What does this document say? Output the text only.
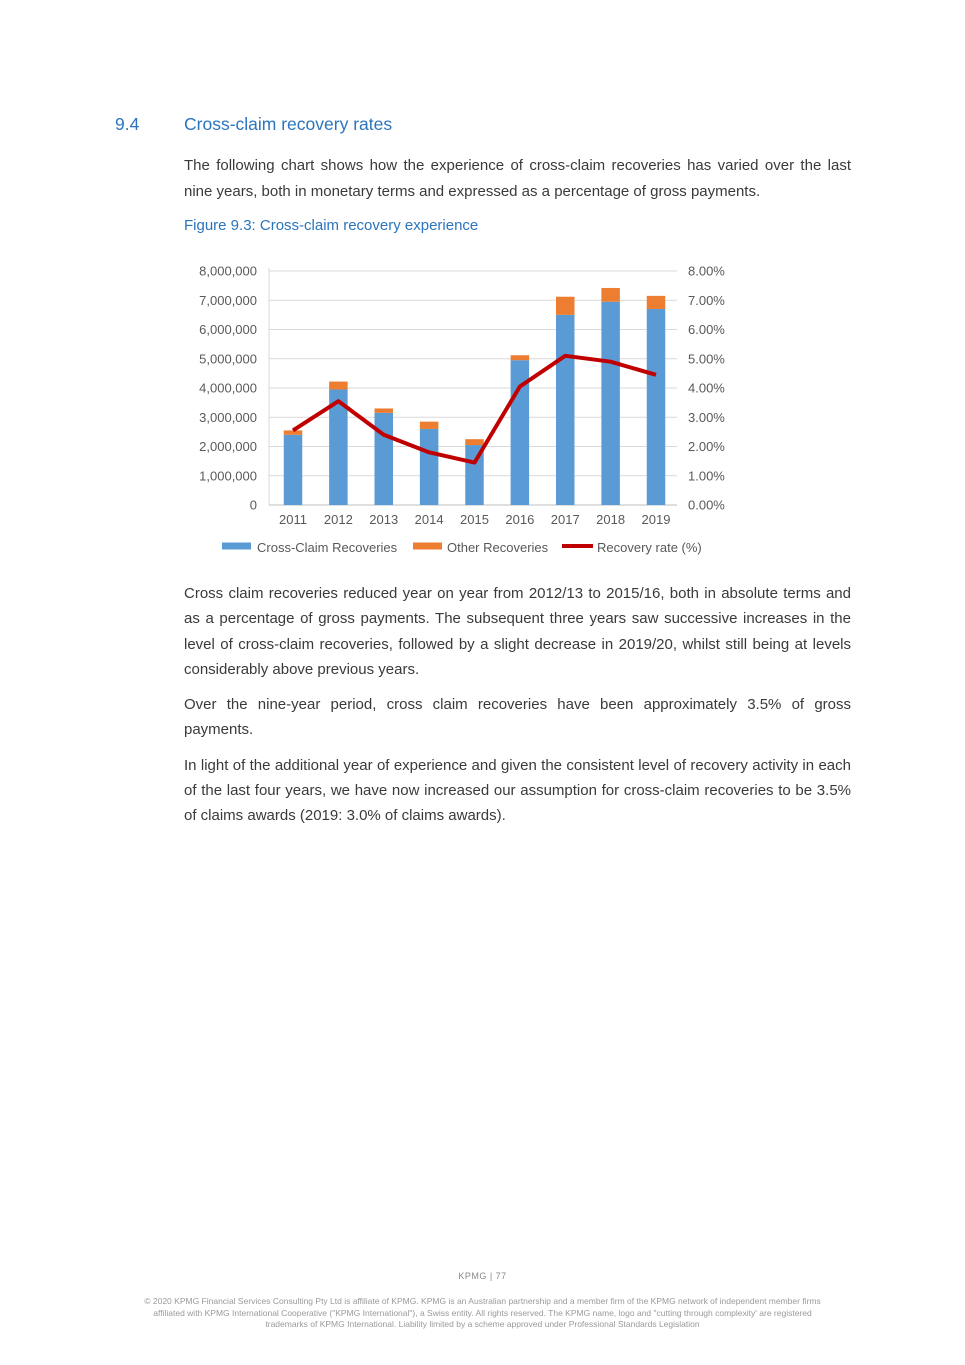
9.4	Cross-claim recovery rates

The following chart shows how the experience of cross-claim recoveries has varied over the last nine years, both in monetary terms and expressed as a percentage of gross payments.

Figure 9.3: Cross-claim recovery experience

2011 2012 2013 2014 2015 2016 2017 2018 2019
0	0.00%
1,000,000	1.00%
2,000,000	2.00%
3,000,000	3.00%
4,000,000	4.00%
5,000,000	5.00%
6,000,000	6.00%
7,000,000	7.00%
8,000,000	8.00%
Cross-Claim Recoveries	Other Recoveries	Recovery rate (%)

Cross claim recoveries reduced year on year from 2012/13 to 2015/16, both in absolute terms and as a percentage of gross payments. The subsequent three years saw successive increases in the level of cross-claim recoveries, followed by a slight decrease in 2019/20, whilst still being at levels considerably above previous years.

Over the nine-year period, cross claim recoveries have been approximately 3.5% of gross payments.

In light of the additional year of experience and given the consistent level of recovery activity in each of the last four years, we have now increased our assumption for cross-claim recoveries to be 3.5% of claims awards (2019: 3.0% of claims awards).

KPMG | 77
© 2020 KPMG Financial Services Consulting Pty Ltd is affiliate of KPMG. KPMG is an Australian partnership and a member firm of the KPMG network of independent member firms
affiliated with KPMG International Cooperative ("KPMG International"), a Swiss entity. All rights reserved. The KPMG name, logo and "cutting through complexity' are registered
trademarks of KPMG International. Liability limited by a scheme approved under Professional Standards Legislation
